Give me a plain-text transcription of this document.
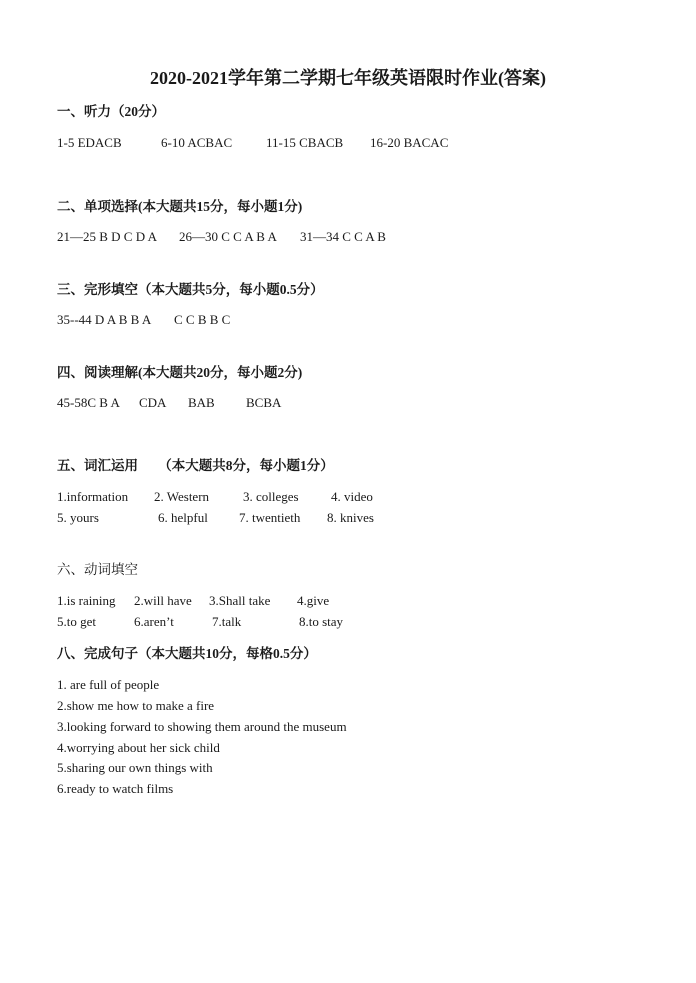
2020-2021学年第二学期七年级英语限时作业(答案)
一、听力（20分）
1-5 EDACB	6-10 ACBAC	11-15 CBACB 16-20 BACAC
二、单项选择(本大题共15分，每小题1分)
21—25 B D C D A 26—30 C C A B A 31—34 C C A B
三、完形填空（本大题共5分，每小题0.5分）
35--44 D A B B A C C B B C
四、阅读理解(本大题共20分，每小题2分)
45-58C B A CDA BAB BCBA
五、词汇运用　　（本大题共8分，每小题1分）
1.information 2. Western	3. colleges 4. video
5. yours	6. helpful 7. twentieth 8. knives
六、动词填空
1.is raining 2.will have 3.Shall take 4.give
5.to get	6.aren’t	7.talk	8.to stay
八、完成句子（本大题共10分，每格0.5分）
1. are full of people
2.show me how to make a fire
3.looking forward to showing them around the museum
4.worrying about her sick child
5.sharing our own things with
6.ready to watch films
